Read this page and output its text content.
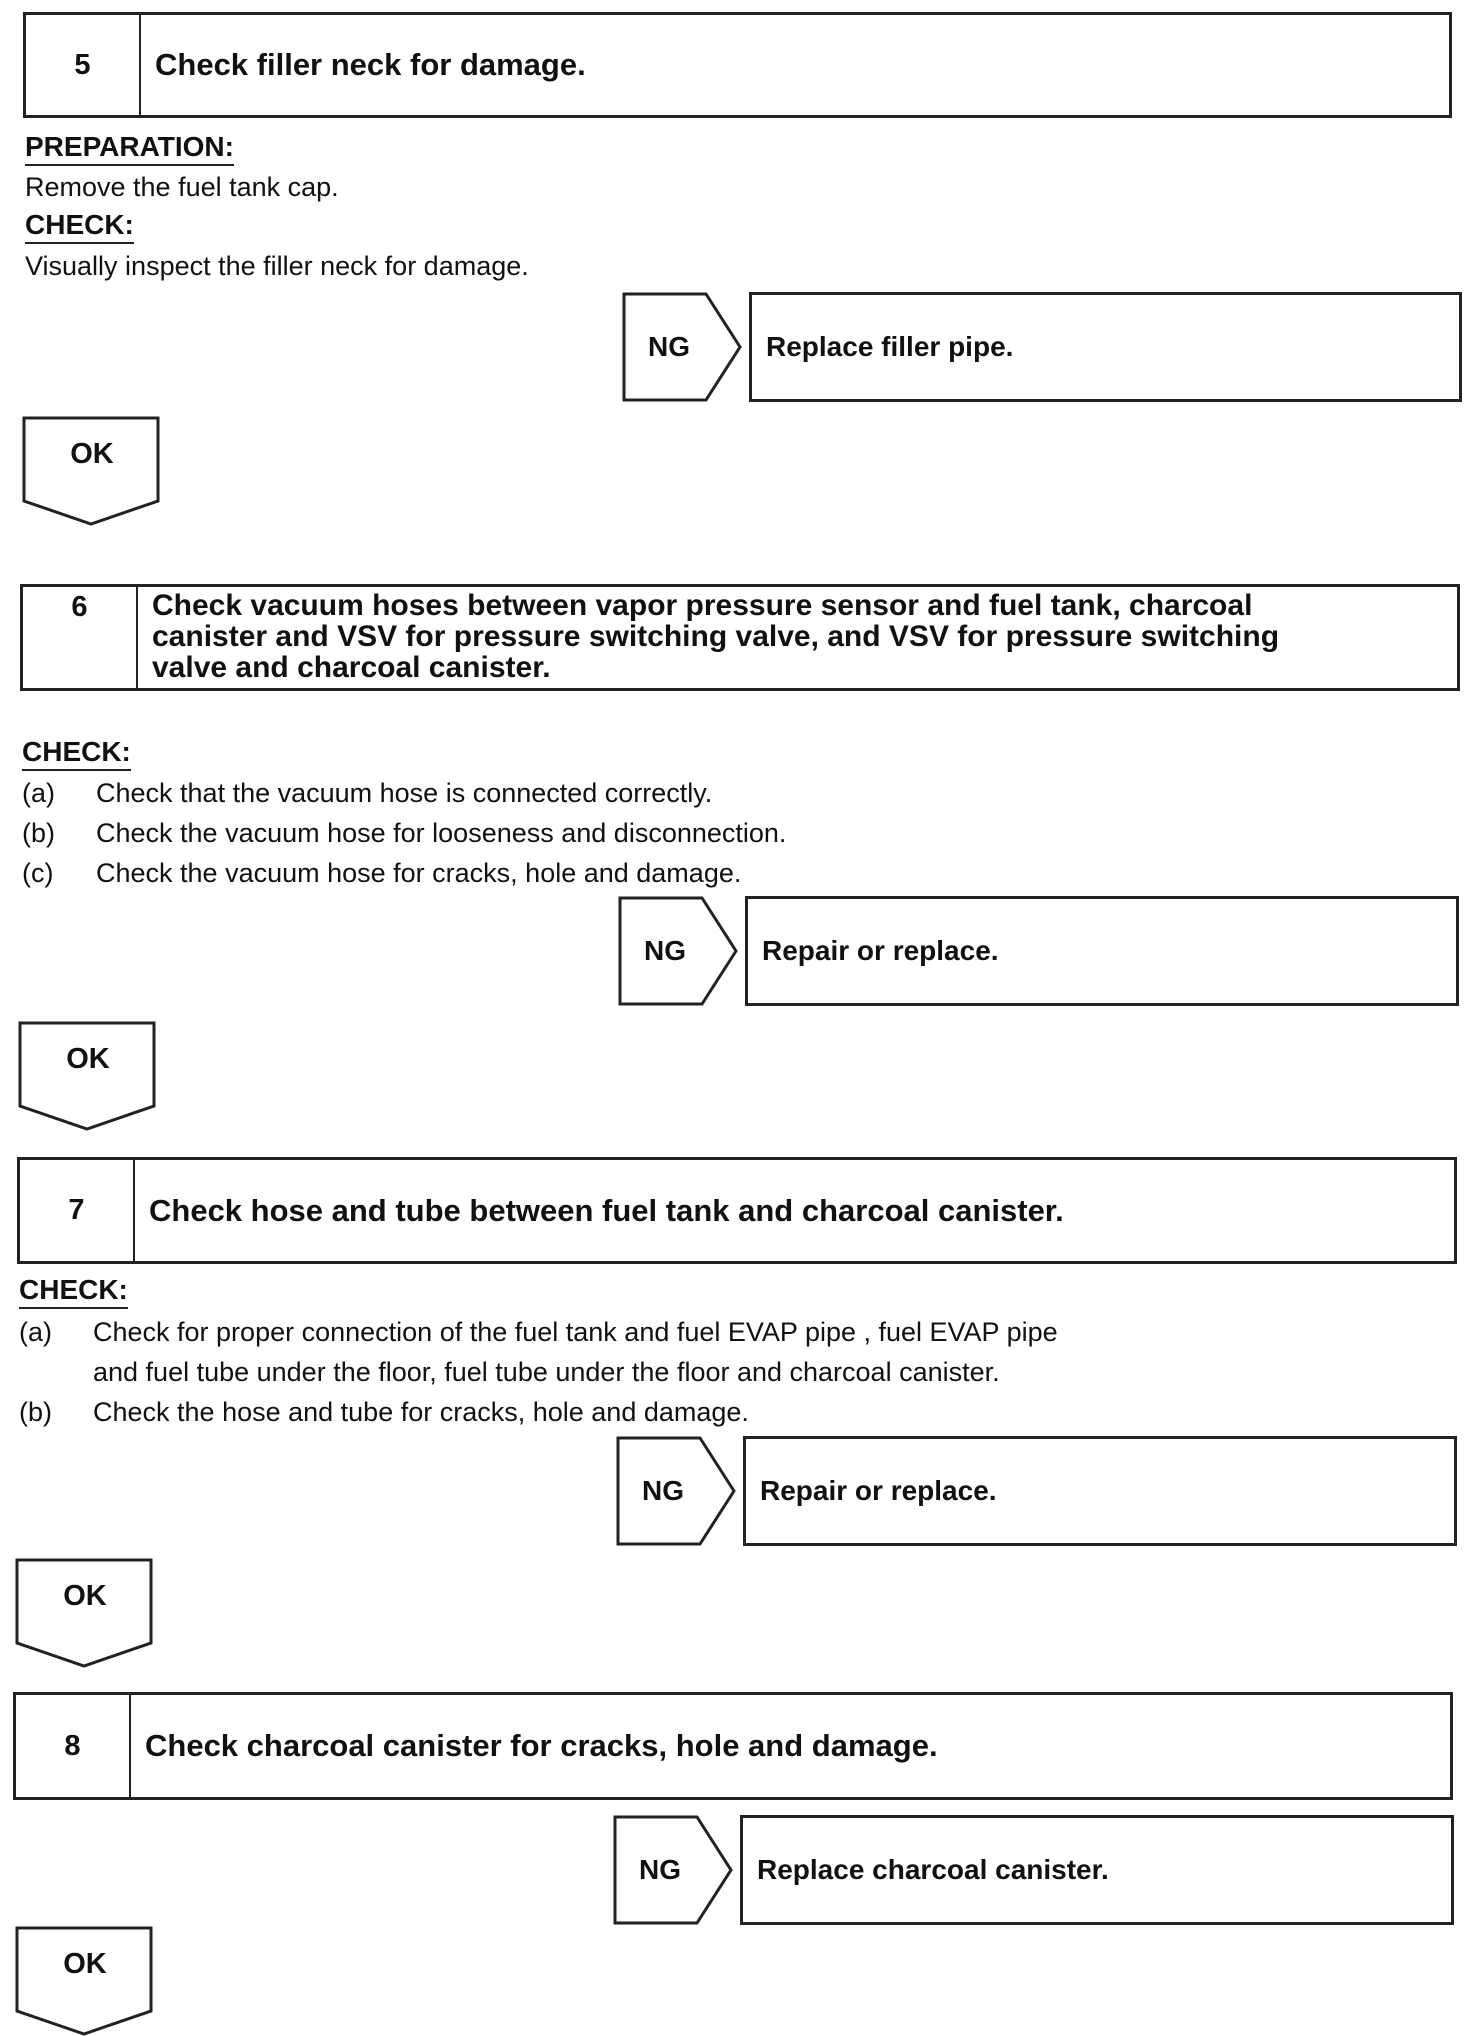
5	Check filler neck for damage.
PREPARATION:
Remove the fuel tank cap.
CHECK:
Visually inspect the filler neck for damage.
NG	Replace filler pipe.
OK
6	Check vacuum hoses between vapor pressure sensor and fuel tank, charcoal
canister and VSV for pressure switching valve, and VSV for pressure switching
valve and charcoal canister.
CHECK:
(a) Check that the vacuum hose is connected correctly.
(b) Check the vacuum hose for looseness and disconnection.
(c) Check the vacuum hose for cracks, hole and damage.
NG	Repair or replace.
OK
7	Check hose and tube between fuel tank and charcoal canister.
CHECK:
(a) Check for proper connection of the fuel tank and fuel EVAP pipe , fuel EVAP pipe
and fuel tube under the floor, fuel tube under the floor and charcoal canister.
(b) Check the hose and tube for cracks, hole and damage.
NG	Repair or replace.
OK
8	Check charcoal canister for cracks, hole and damage.
NG	Replace charcoal canister.
OK
